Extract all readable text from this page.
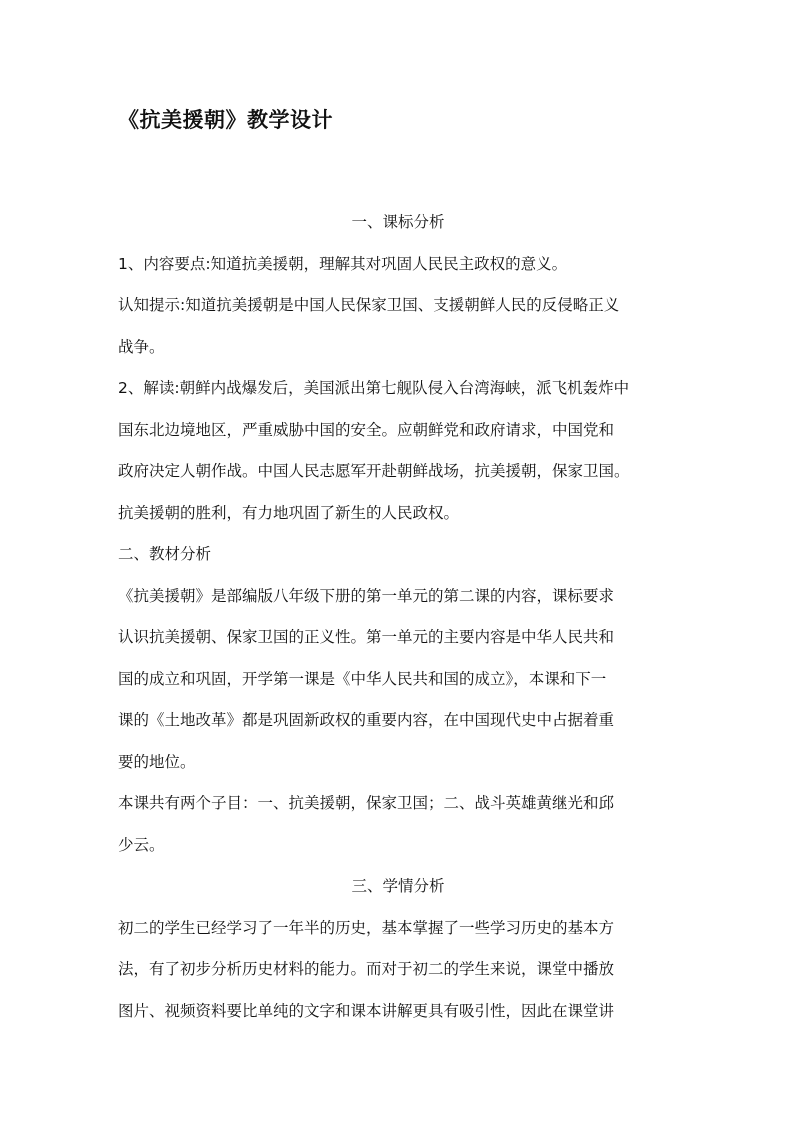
《抗美援朝》教学设计
一、课标分析
1、内容要点:知道抗美援朝，理解其对巩固人民民主政权的意义。
认知提示:知道抗美援朝是中国人民保家卫国、支援朝鲜人民的反侵略正义
战争。
2、解读:朝鲜内战爆发后，美国派出第七舰队侵入台湾海峡，派飞机轰炸中
国东北边境地区，严重威胁中国的安全。应朝鲜党和政府请求，中国党和
政府决定人朝作战。中国人民志愿军开赴朝鲜战场，抗美援朝，保家卫国。
抗美援朝的胜利，有力地巩固了新生的人民政权。
二、教材分析
《抗美援朝》是部编版八年级下册的第一单元的第二课的内容，课标要求
认识抗美援朝、保家卫国的正义性。第一单元的主要内容是中华人民共和
国的成立和巩固，开学第一课是《中华人民共和国的成立》，本课和下一
课的《土地改革》都是巩固新政权的重要内容，在中国现代史中占据着重
要的地位。
本课共有两个子目：一、抗美援朝，保家卫国；二、战斗英雄黄继光和邱
少云。
三、学情分析
初二的学生已经学习了一年半的历史，基本掌握了一些学习历史的基本方
法，有了初步分析历史材料的能力。而对于初二的学生来说，课堂中播放
图片、视频资料要比单纯的文字和课本讲解更具有吸引性，因此在课堂讲
